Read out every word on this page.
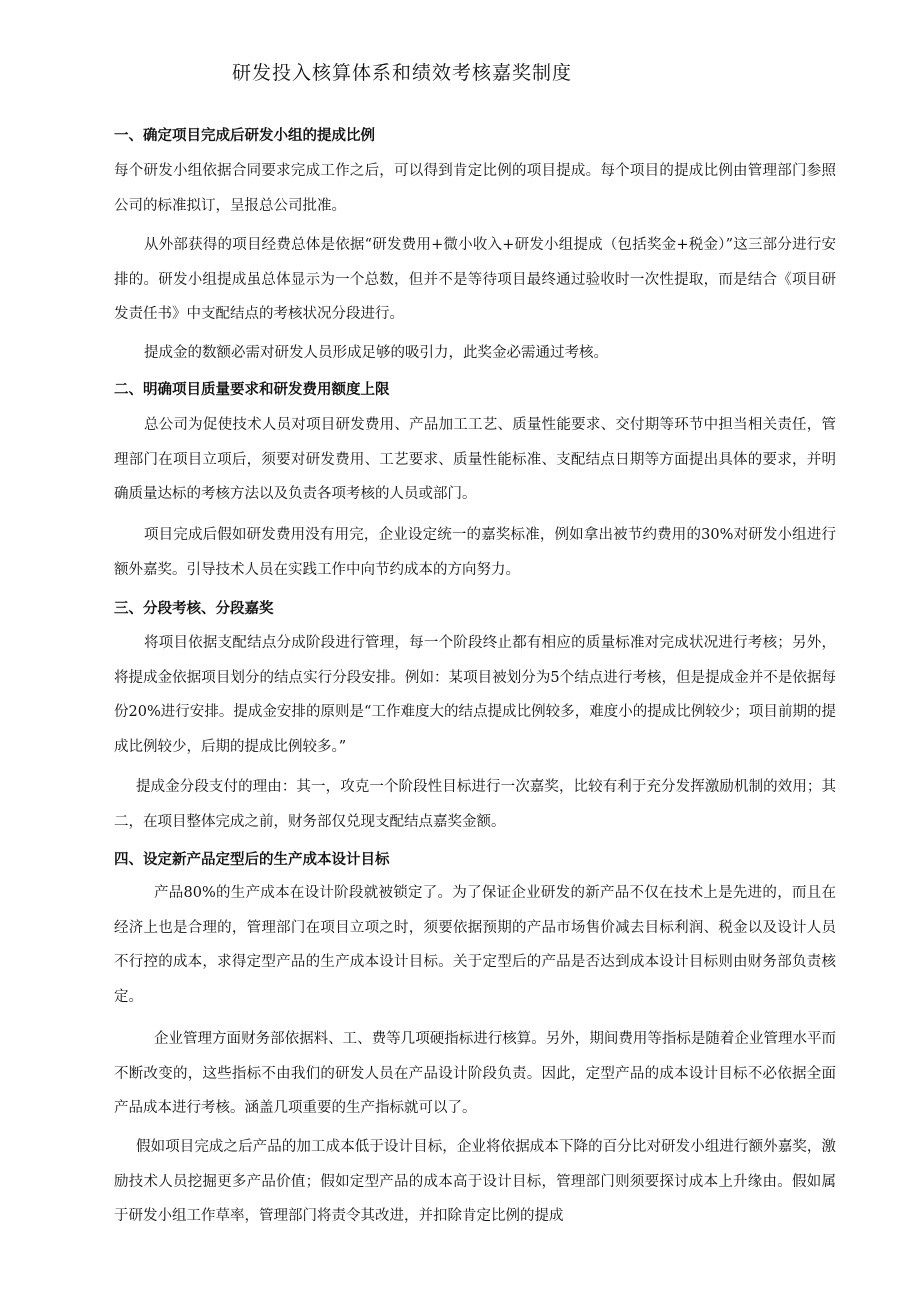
研发投入核算体系和绩效考核嘉奖制度
一、确定项目完成后研发小组的提成比例

每个研发小组依据合同要求完成工作之后，可以得到肯定比例的项目提成。每个项目的提成比例由管理部门参照公司的标准拟订，呈报总公司批准。

从外部获得的项目经费总体是依据“研发费用+微小收入+研发小组提成（包括奖金+税金）”这三部分进行安排的。研发小组提成虽总体显示为一个总数，但并不是等待项目最终通过验收时一次性提取，而是结合《项目研发责任书》中支配结点的考核状况分段进行。

提成金的数额必需对研发人员形成足够的吸引力，此奖金必需通过考核。

二、明确项目质量要求和研发费用额度上限

总公司为促使技术人员对项目研发费用、产品加工工艺、质量性能要求、交付期等环节中担当相关责任，管理部门在项目立项后，须要对研发费用、工艺要求、质量性能标准、支配结点日期等方面提出具体的要求，并明确质量达标的考核方法以及负责各项考核的人员或部门。

项目完成后假如研发费用没有用完，企业设定统一的嘉奖标准，例如拿出被节约费用的30%对研发小组进行额外嘉奖。引导技术人员在实践工作中向节约成本的方向努力。

三、分段考核、分段嘉奖

将项目依据支配结点分成阶段进行管理，每一个阶段终止都有相应的质量标准对完成状况进行考核；另外，将提成金依据项目划分的结点实行分段安排。例如：某项目被划分为5个结点进行考核，但是提成金并不是依据每份20%进行安排。提成金安排的原则是“工作难度大的结点提成比例较多，难度小的提成比例较少；项目前期的提成比例较少，后期的提成比例较多。”

提成金分段支付的理由：其一，攻克一个阶段性目标进行一次嘉奖，比较有利于充分发挥激励机制的效用；其二，在项目整体完成之前，财务部仅兑现支配结点嘉奖金额。

四、设定新产品定型后的生产成本设计目标

产品80%的生产成本在设计阶段就被锁定了。为了保证企业研发的新产品不仅在技术上是先进的，而且在经济上也是合理的，管理部门在项目立项之时，须要依据预期的产品市场售价减去目标利润、税金以及设计人员不行控的成本，求得定型产品的生产成本设计目标。关于定型后的产品是否达到成本设计目标则由财务部负责核定。

企业管理方面财务部依据料、工、费等几项硬指标进行核算。另外，期间费用等指标是随着企业管理水平而不断改变的，这些指标不由我们的研发人员在产品设计阶段负责。因此，定型产品的成本设计目标不必依据全面产品成本进行考核。涵盖几项重要的生产指标就可以了。

假如项目完成之后产品的加工成本低于设计目标，企业将依据成本下降的百分比对研发小组进行额外嘉奖，激励技术人员挖掘更多产品价值；假如定型产品的成本高于设计目标，管理部门则须要探讨成本上升缘由。假如属于研发小组工作草率，管理部门将责令其改进，并扣除肯定比例的提成
